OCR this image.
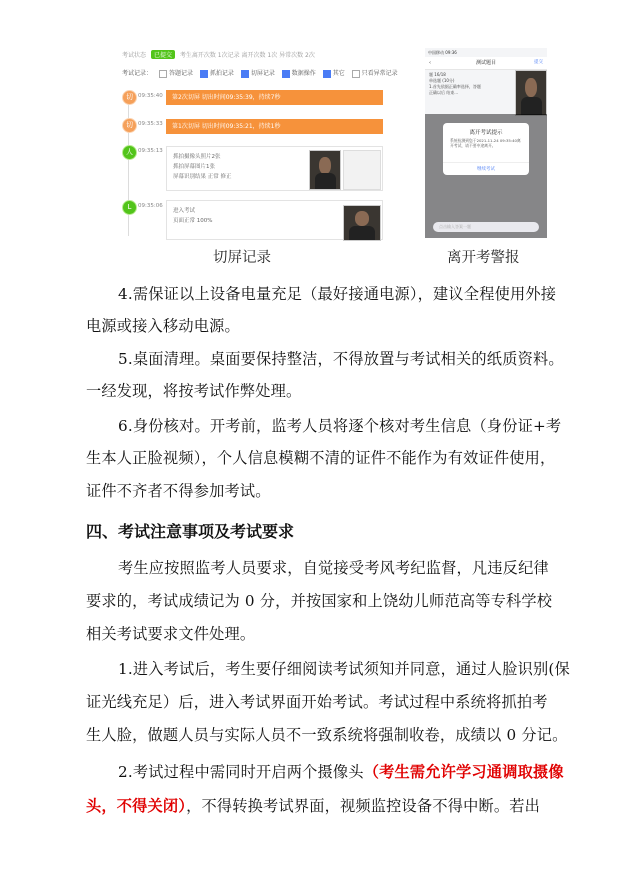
考试状态 已提交 考生离开次数 1次记录 离开次数 1次 异常次数 2次
考试记录：	答题记录	抓拍记录	切屏记录	数据操作	其它	只看异常记录
切 09:35:40	第2次切屏 切出时间09:35:39，持续7秒
切 09:35:33	第1次切屏 切出时间09:35:21，持续1秒
人 09:35:13
抓拍摄像头照片2张
抓拍屏幕图片1张
屏幕识别结果 正常 修正
L	09:35:06
进入考试
页面正常 100%
中国移动 09:36
‹	测试题目	提交
题 16/18
单选题 (10分)
1.首先依据正确率选择，答题
正确以后 结束...
离开考试提示
系统检测到您于2021-11-24 09:35:40离开考试，请不要中途离开。
继续考试
点击输入答案一题
切屏记录	离开考警报
4.需保证以上设备电量充足（最好接通电源），建议全程使用外接
电源或接入移动电源。
5.桌面清理。桌面要保持整洁，不得放置与考试相关的纸质资料。
一经发现，将按考试作弊处理。
6.身份核对。开考前，监考人员将逐个核对考生信息（身份证+考
生本人正脸视频），个人信息模糊不清的证件不能作为有效证件使用，
证件不齐者不得参加考试。
四、考试注意事项及考试要求
考生应按照监考人员要求，自觉接受考风考纪监督，凡违反纪律
要求的，考试成绩记为 0 分，并按国家和上饶幼儿师范高等专科学校
相关考试要求文件处理。
1.进入考试后，考生要仔细阅读考试须知并同意，通过人脸识别(保
证光线充足）后，进入考试界面开始考试。考试过程中系统将抓拍考
生人脸，做题人员与实际人员不一致系统将强制收卷，成绩以 0 分记。
2.考试过程中需同时开启两个摄像头（考生需允许学习通调取摄像
头，不得关闭），不得转换考试界面，视频监控设备不得中断。若出
